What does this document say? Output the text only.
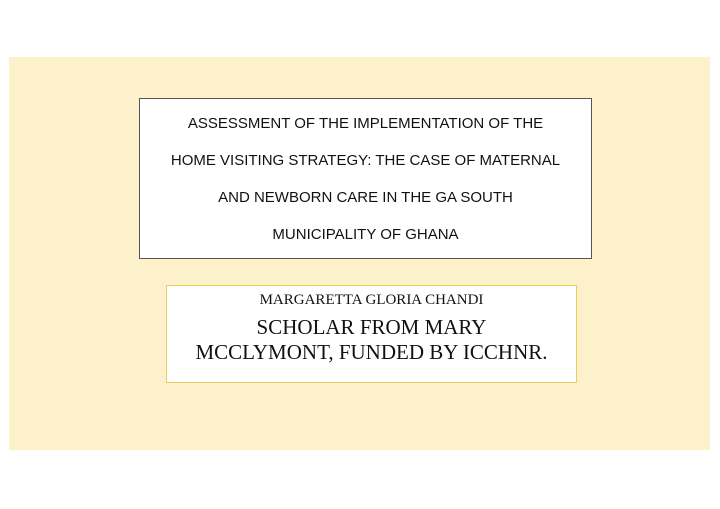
ASSESSMENT OF THE IMPLEMENTATION OF THE
HOME VISITING STRATEGY: THE CASE OF MATERNAL
AND NEWBORN CARE IN THE GA SOUTH
MUNICIPALITY OF GHANA
MARGARETTA GLORIA CHANDI
SCHOLAR FROM MARY
MCCLYMONT, FUNDED BY ICCHNR.
